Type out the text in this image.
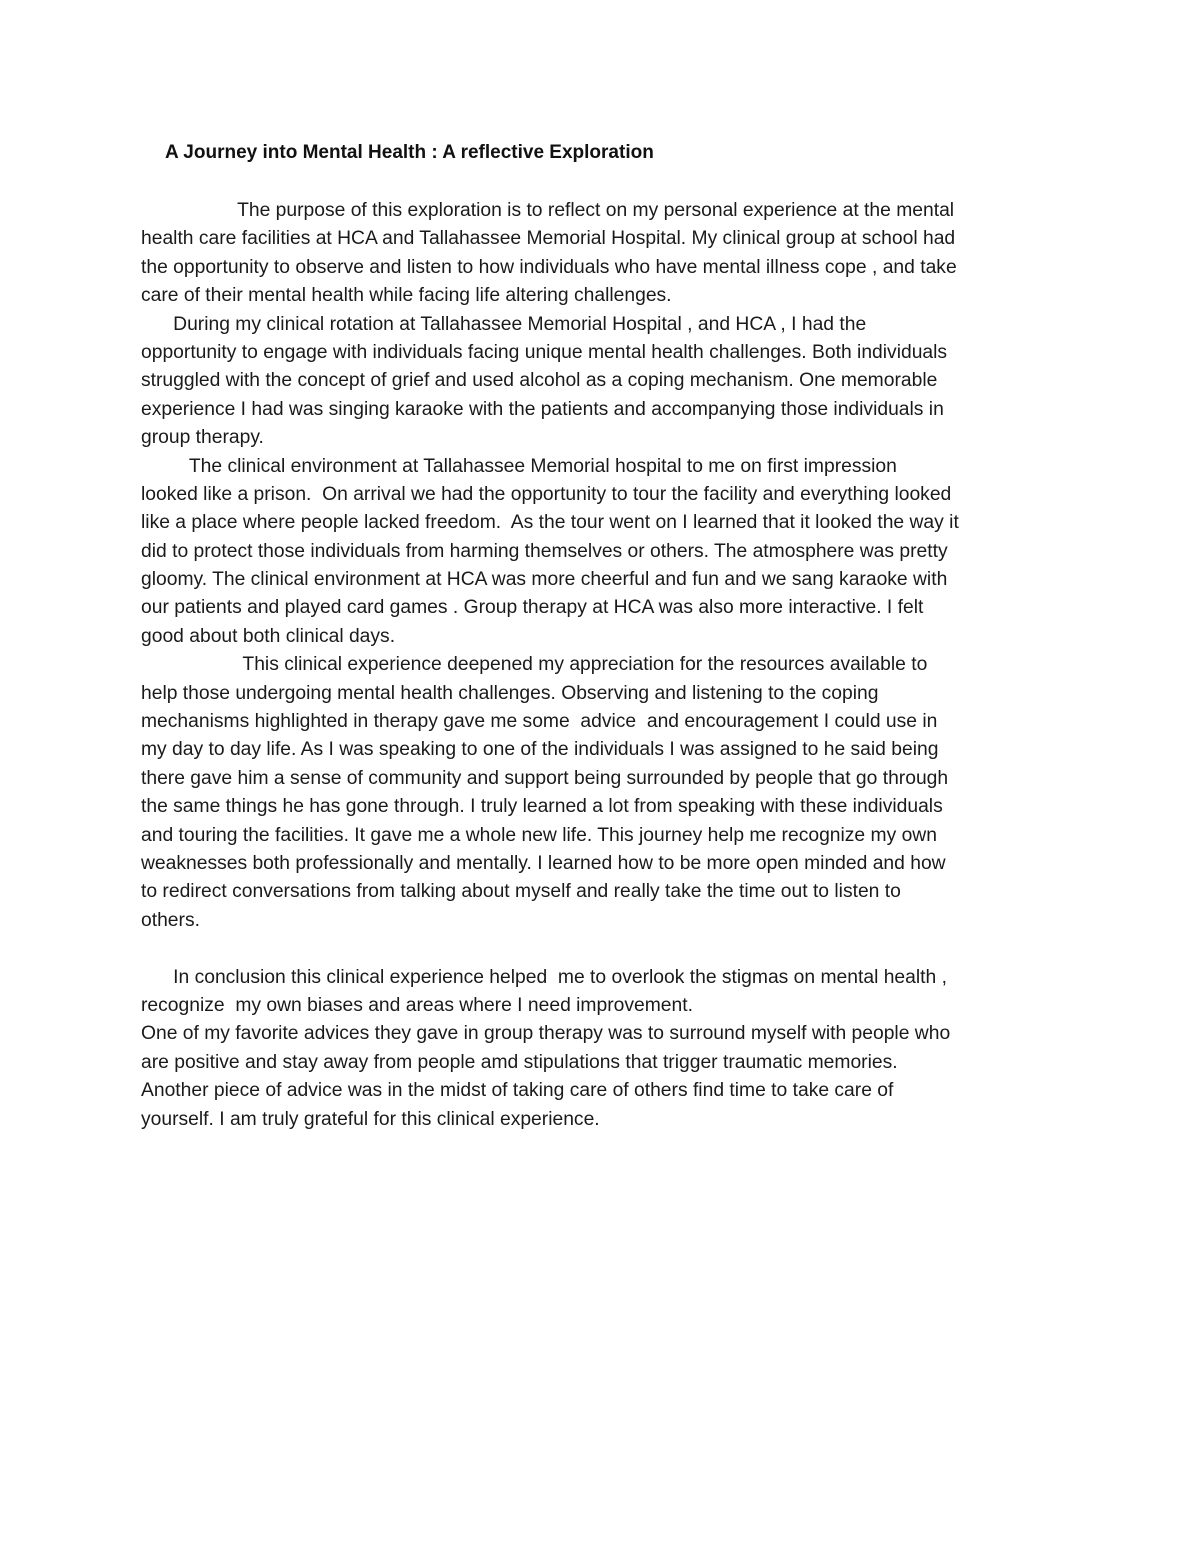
A Journey into Mental Health : A reflective Exploration
The purpose of this exploration is to reflect on my personal experience at the mental
health care facilities at HCA and Tallahassee Memorial Hospital. My clinical group at school had
the opportunity to observe and listen to how individuals who have mental illness cope , and take
care of their mental health while facing life altering challenges.
During my clinical rotation at Tallahassee Memorial Hospital , and HCA , I had the
opportunity to engage with individuals facing unique mental health challenges. Both individuals
struggled with the concept of grief and used alcohol as a coping mechanism. One memorable
experience I had was singing karaoke with the patients and accompanying those individuals in
group therapy.
The clinical environment at Tallahassee Memorial hospital to me on first impression
looked like a prison.  On arrival we had the opportunity to tour the facility and everything looked
like a place where people lacked freedom.  As the tour went on I learned that it looked the way it
did to protect those individuals from harming themselves or others. The atmosphere was pretty
gloomy. The clinical environment at HCA was more cheerful and fun and we sang karaoke with
our patients and played card games . Group therapy at HCA was also more interactive. I felt
good about both clinical days.
This clinical experience deepened my appreciation for the resources available to
help those undergoing mental health challenges. Observing and listening to the coping
mechanisms highlighted in therapy gave me some  advice  and encouragement I could use in
my day to day life. As I was speaking to one of the individuals I was assigned to he said being
there gave him a sense of community and support being surrounded by people that go through
the same things he has gone through. I truly learned a lot from speaking with these individuals
and touring the facilities. It gave me a whole new life. This journey help me recognize my own
weaknesses both professionally and mentally. I learned how to be more open minded and how
to redirect conversations from talking about myself and really take the time out to listen to
others.
In conclusion this clinical experience helped  me to overlook the stigmas on mental health ,
recognize  my own biases and areas where I need improvement.
One of my favorite advices they gave in group therapy was to surround myself with people who
are positive and stay away from people amd stipulations that trigger traumatic memories.
Another piece of advice was in the midst of taking care of others find time to take care of
yourself. I am truly grateful for this clinical experience.
